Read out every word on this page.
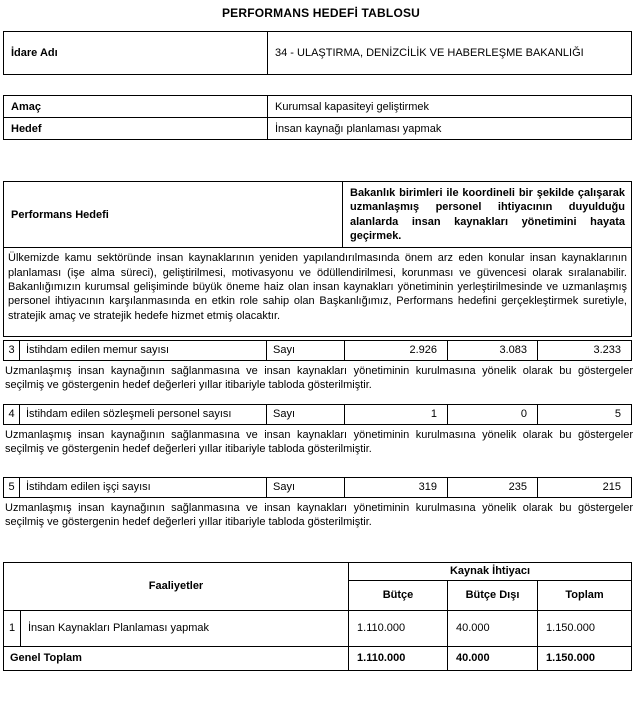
PERFORMANS HEDEFİ TABLOSU
İdare Adı	34 - ULAŞTIRMA, DENİZCİLİK VE HABERLEŞME BAKANLIĞI
Amaç	Kurumsal kapasiteyi geliştirmek
Hedef	İnsan kaynağı planlaması yapmak
Performans Hedefi	Bakanlık birimleri ile koordineli bir şekilde çalışarak uzmanlaşmış personel ihtiyacının duyulduğu alanlarda insan kaynakları yönetimini hayata geçirmek.
Ülkemizde kamu sektöründe insan kaynaklarının yeniden yapılandırılmasında önem arz eden konular insan kaynaklarının planlaması (işe alma süreci), geliştirilmesi, motivasyonu ve ödüllendirilmesi, korunması ve güvencesi olarak sıralanabilir. Bakanlığımızın kurumsal gelişiminde büyük öneme haiz olan insan kaynakları yönetiminin yerleştirilmesinde ve uzmanlaşmış personel ihtiyacının karşılanmasında en etkin role sahip olan Başkanlığımız, Performans hedefini gerçekleştirmek suretiyle, stratejik amaç ve stratejik hedefe hizmet etmiş olacaktır.
3	İstihdam edilen memur sayısı	Sayı	2.926	3.083	3.233

Uzmanlaşmış insan kaynağının sağlanmasına ve insan kaynakları yönetiminin kurulmasına yönelik olarak bu göstergeler seçilmiş ve göstergenin hedef değerleri yıllar itibariyle tabloda gösterilmiştir.

4	İstihdam edilen sözleşmeli personel sayısı	Sayı	1	0	5

Uzmanlaşmış insan kaynağının sağlanmasına ve insan kaynakları yönetiminin kurulmasına yönelik olarak bu göstergeler seçilmiş ve göstergenin hedef değerleri yıllar itibariyle tabloda gösterilmiştir.

5	İstihdam edilen işçi sayısı	Sayı	319	235	215

Uzmanlaşmış insan kaynağının sağlanmasına ve insan kaynakları yönetiminin kurulmasına yönelik olarak bu göstergeler seçilmiş ve göstergenin hedef değerleri yıllar itibariyle tabloda gösterilmiştir.

Faaliyetler		Kaynak İhtiyacı		
		Bütçe	Bütçe Dışı	Toplam
1	İnsan Kaynakları Planlaması yapmak	1.110.000	40.000	1.150.000
Genel Toplam		1.110.000	40.000	1.150.000
